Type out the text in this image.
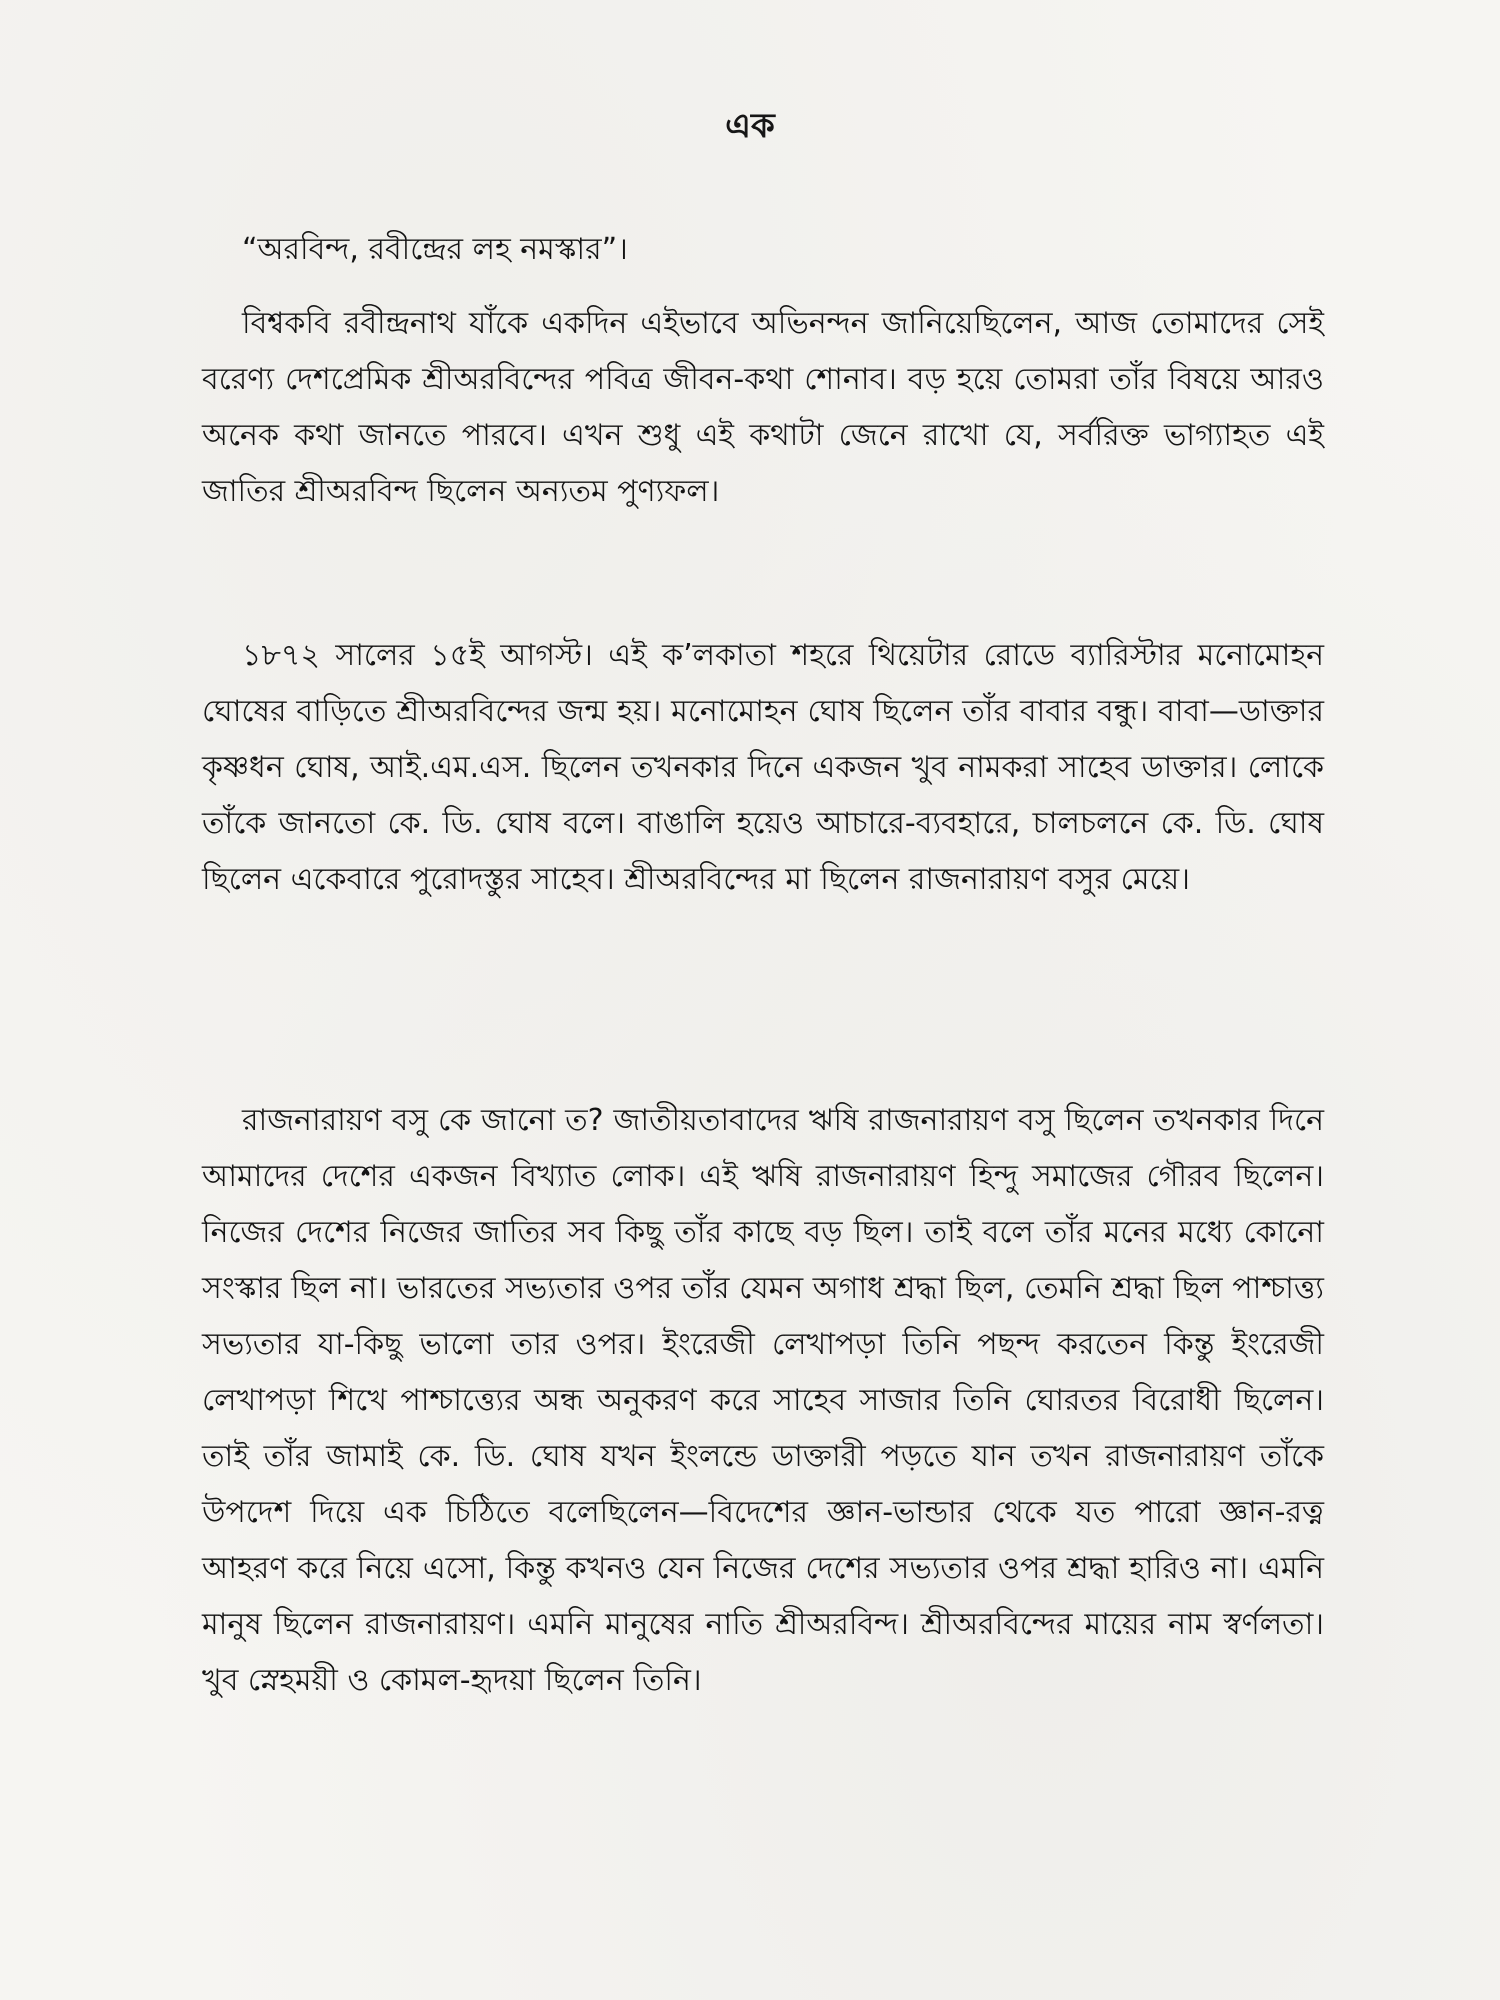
এক

“অরবিন্দ, রবীন্দ্রের লহ নমস্কার”।

বিশ্বকবি রবীন্দ্রনাথ যাঁকে একদিন এইভাবে অভিনন্দন জানিয়েছিলেন, আজ তোমাদের সেই বরেণ্য দেশপ্রেমিক শ্রীঅরবিন্দের পবিত্র জীবন-কথা শোনাব। বড় হয়ে তোমরা তাঁর বিষয়ে আরও অনেক কথা জানতে পারবে। এখন শুধু এই কথাটা জেনে রাখো যে, সর্বরিক্ত ভাগ্যাহত এই জাতির শ্রীঅরবিন্দ ছিলেন অন্যতম পুণ্যফল।

১৮৭২ সালের ১৫ই আগস্ট। এই ক’লকাতা শহরে থিয়েটার রোডে ব্যারিস্টার মনোমোহন ঘোষের বাড়িতে শ্রীঅরবিন্দের জন্ম হয়। মনোমোহন ঘোষ ছিলেন তাঁর বাবার বন্ধু। বাবা—ডাক্তার কৃষ্ণধন ঘোষ, আই.এম.এস. ছিলেন তখনকার দিনে একজন খুব নামকরা সাহেব ডাক্তার। লোকে তাঁকে জানতো কে. ডি. ঘোষ বলে। বাঙালি হয়েও আচারে-ব্যবহারে, চালচলনে কে. ডি. ঘোষ ছিলেন একেবারে পুরোদস্তুর সাহেব। শ্রীঅরবিন্দের মা ছিলেন রাজনারায়ণ বসুর মেয়ে।

রাজনারায়ণ বসু কে জানো ত? জাতীয়তাবাদের ঋষি রাজনারায়ণ বসু ছিলেন তখনকার দিনে আমাদের দেশের একজন বিখ্যাত লোক। এই ঋষি রাজনারায়ণ হিন্দু সমাজের গৌরব ছিলেন। নিজের দেশের নিজের জাতির সব কিছু তাঁর কাছে বড় ছিল। তাই বলে তাঁর মনের মধ্যে কোনো সংস্কার ছিল না। ভারতের সভ্যতার ওপর তাঁর যেমন অগাধ শ্রদ্ধা ছিল, তেমনি শ্রদ্ধা ছিল পাশ্চাত্ত্য সভ্যতার যা-কিছু ভালো তার ওপর। ইংরেজী লেখাপড়া তিনি পছন্দ করতেন কিন্তু ইংরেজী লেখাপড়া শিখে পাশ্চাত্ত্যের অন্ধ অনুকরণ করে সাহেব সাজার তিনি ঘোরতর বিরোধী ছিলেন। তাই তাঁর জামাই কে. ডি. ঘোষ যখন ইংলন্ডে ডাক্তারী পড়তে যান তখন রাজনারায়ণ তাঁকে উপদেশ দিয়ে এক চিঠিতে বলেছিলেন—বিদেশের জ্ঞান-ভান্ডার থেকে যত পারো জ্ঞান-রত্ন আহরণ করে নিয়ে এসো, কিন্তু কখনও যেন নিজের দেশের সভ্যতার ওপর শ্রদ্ধা হারিও না। এমনি মানুষ ছিলেন রাজনারায়ণ। এমনি মানুষের নাতি শ্রীঅরবিন্দ। শ্রীঅরবিন্দের মায়ের নাম স্বর্ণলতা। খুব স্নেহময়ী ও কোমল-হৃদয়া ছিলেন তিনি।
